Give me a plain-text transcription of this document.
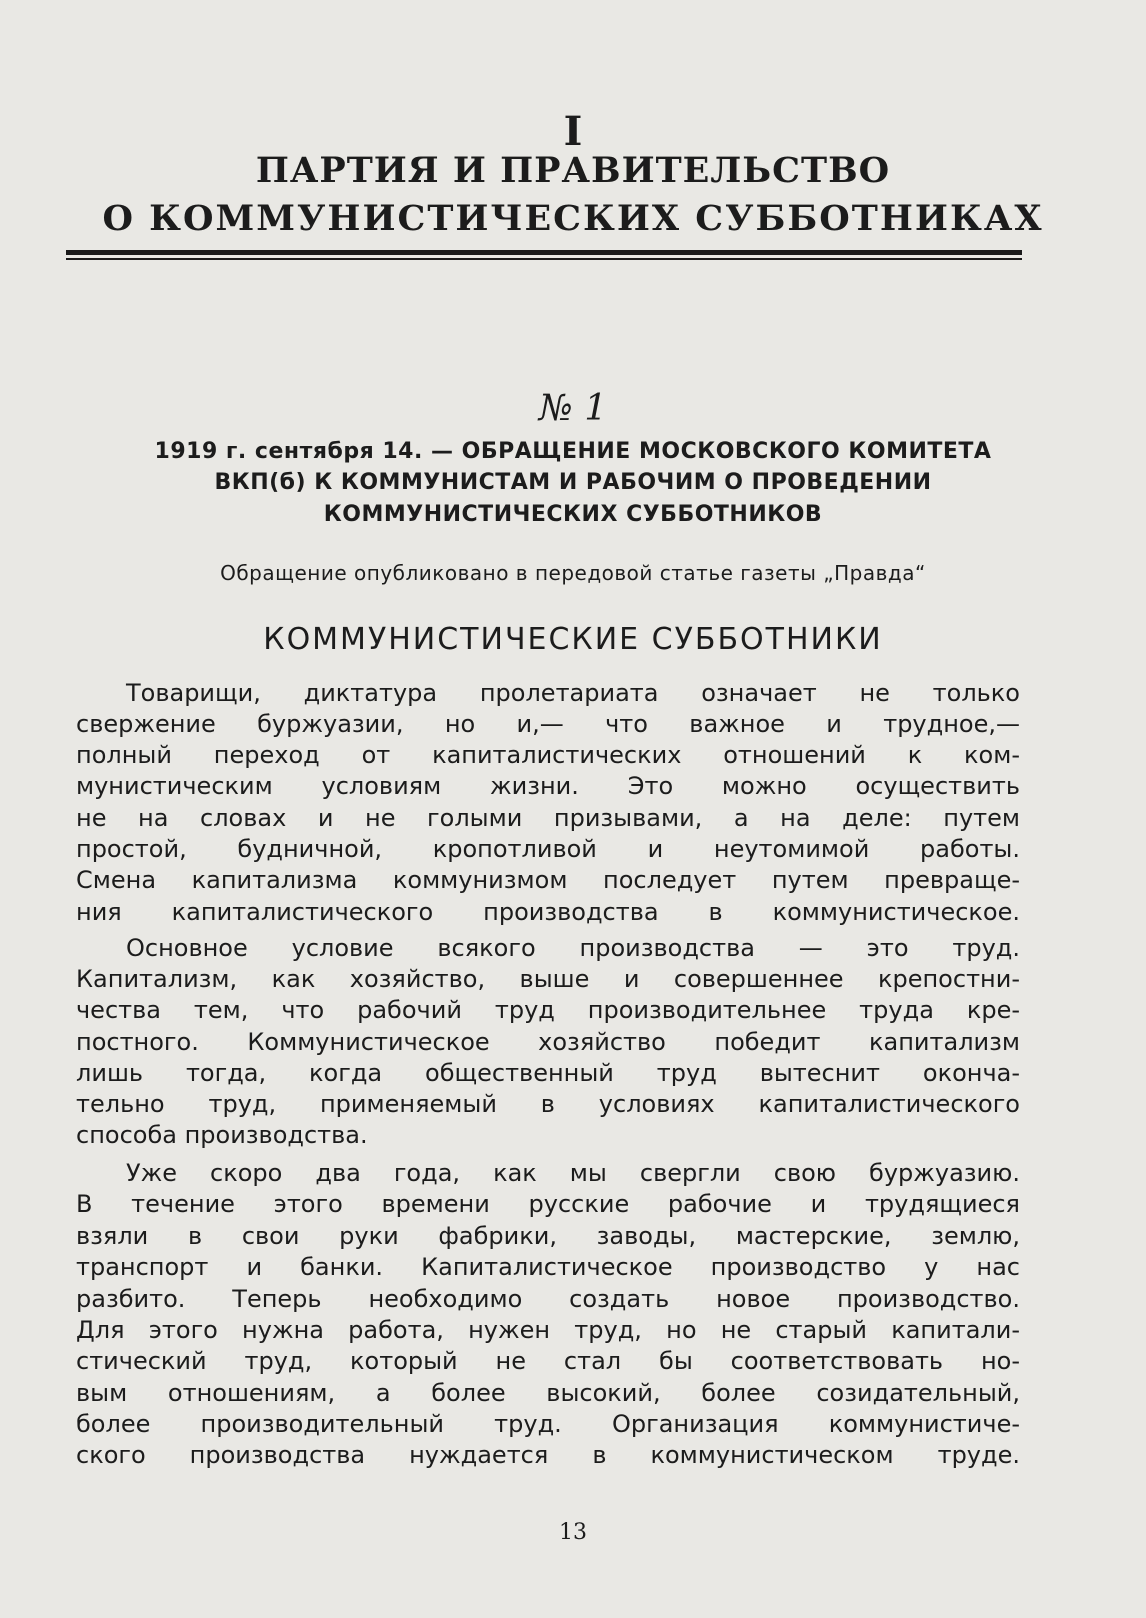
I
ПАРТИЯ И ПРАВИТЕЛЬСТВО
О КОММУНИСТИЧЕСКИХ СУББОТНИКАХ
№ 1
1919 г. сентября 14. — ОБРАЩЕНИЕ МОСКОВСКОГО КОМИТЕТА
ВКП(б) К КОММУНИСТАМ И РАБОЧИМ О ПРОВЕДЕНИИ
КОММУНИСТИЧЕСКИХ СУББОТНИКОВ
Обращение опубликовано в передовой статье газеты „Правда“
КОММУНИСТИЧЕСКИЕ СУББОТНИКИ
Товарищи, диктатура пролетариата означает не только
свержение буржуазии, но и,— что важное и трудное,—
полный переход от капиталистических отношений к ком-
мунистическим условиям жизни. Это можно осуществить
не на словах и не голыми призывами, а на деле: путем
простой, будничной, кропотливой и неутомимой работы.
Смена капитализма коммунизмом последует путем превраще-
ния капиталистического производства в коммунистическое.
Основное условие всякого производства — это труд.
Капитализм, как хозяйство, выше и совершеннее крепостни-
чества тем, что рабочий труд производительнее труда кре-
постного. Коммунистическое хозяйство победит капитализм
лишь тогда, когда общественный труд вытеснит оконча-
тельно труд, применяемый в условиях капиталистического
способа производства.
Уже скоро два года, как мы свергли свою буржуазию.
В течение этого времени русские рабочие и трудящиеся
взяли в свои руки фабрики, заводы, мастерские, землю,
транспорт и банки. Капиталистическое производство у нас
разбито. Теперь необходимо создать новое производство.
Для этого нужна работа, нужен труд, но не старый капитали-
стический труд, который не стал бы соответствовать но-
вым отношениям, а более высокий, более созидательный,
более производительный труд. Организация коммунистиче-
ского производства нуждается в коммунистическом труде.
13
